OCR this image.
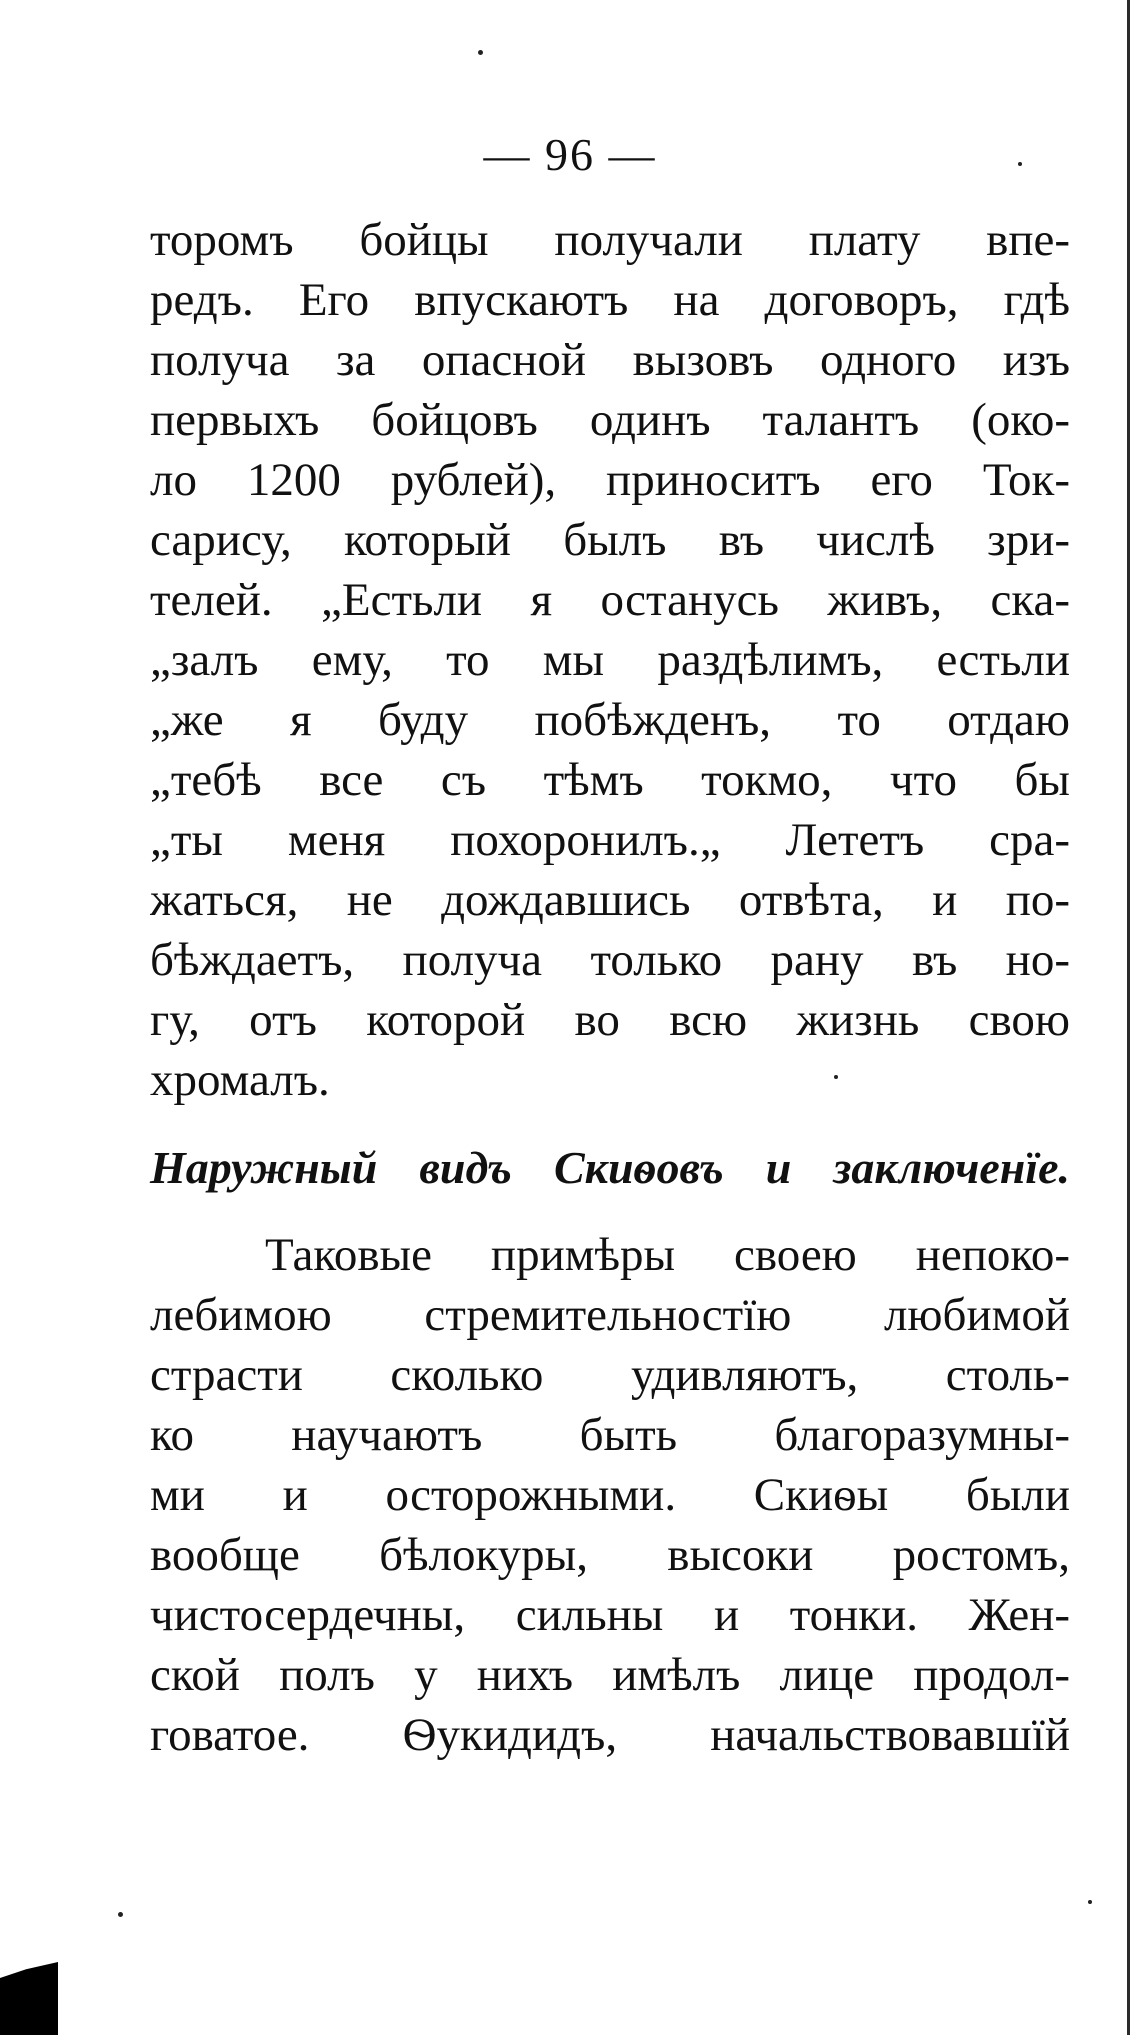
— 96 —
торомъ бойцы получали плату впе-
редъ. Его впускаютъ на договоръ, гдѣ
получа за опасной вызовъ одного изъ
первыхъ бойцовъ одинъ талантъ (око-
ло 1200 рублей), приноситъ его Ток-
сарису, который былъ въ числѣ зри-
телей. „Естьли я останусь живъ, ска-
„залъ ему, то мы раздѣлимъ, естьли
„же я буду побѣжденъ, то отдаю
„тебѣ все съ тѣмъ токмо, что бы
„ты меня похоронилъ.„ Лететъ сра-
жаться, не дождавшись отвѣта, и по-
бѣждаетъ, получа только рану въ но-
гу, отъ которой во всю жизнь свою
хромалъ.
Наружный видъ Скиѳовъ и заключенїе.
Таковые примѣры своею непоко-
лебимою стремительностїю любимой
страсти сколько удивляютъ, столь-
ко научаютъ быть благоразумны-
ми и осторожными. Скиѳы были
вообще бѣлокуры, высоки ростомъ,
чистосердечны, сильны и тонки. Жен-
ской полъ у нихъ имѣлъ лице продол-
говатое. Ѳукидидъ, начальствовавшїй
